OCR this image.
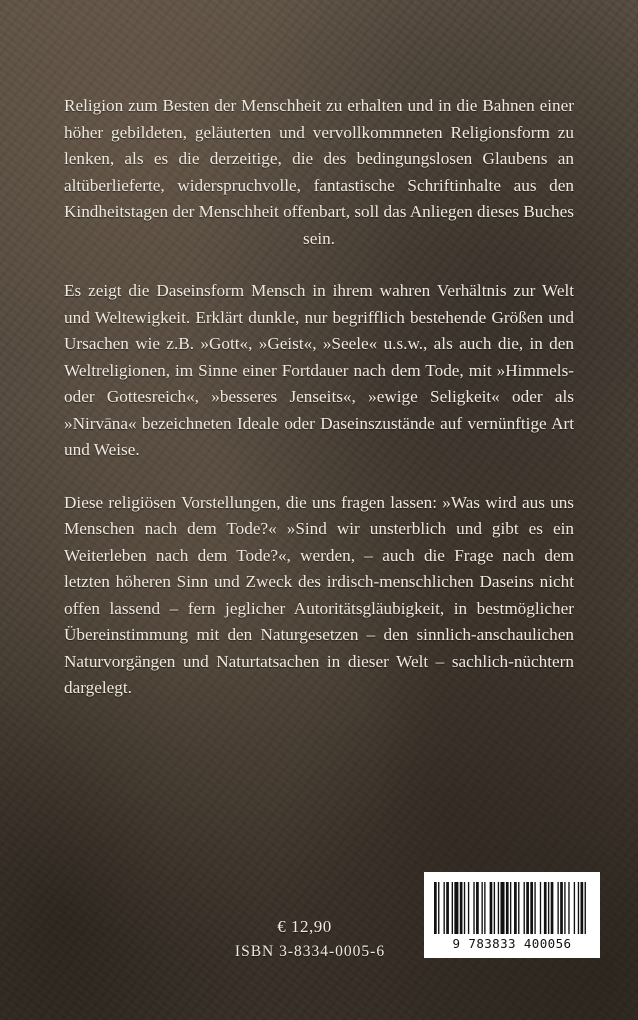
Religion zum Besten der Menschheit zu erhalten und in die Bahnen einer höher gebildeten, geläuterten und vervollkommneten Religionsform zu lenken, als es die derzeitige, die des bedingungslosen Glaubens an altüberlieferte, widerspruchvolle, fantastische Schriftinhalte aus den Kindheitstagen der Menschheit offenbart, soll das Anliegen dieses Buches
sein.

Es zeigt die Daseinsform Mensch in ihrem wahren Verhältnis zur Welt und Weltewigkeit. Erklärt dunkle, nur begrifflich bestehende Größen und Ursachen wie z.B. »Gott«, »Geist«, »Seele« u.s.w., als auch die, in den Weltreligionen, im Sinne einer Fortdauer nach dem Tode, mit »Himmels- oder Gottesreich«, »besseres Jenseits«, »ewige Seligkeit« oder als »Nirvāna« bezeichneten Ideale oder Daseinszustände auf vernünftige Art und Weise.

Diese religiösen Vorstellungen, die uns fragen lassen: »Was wird aus uns Menschen nach dem Tode?« »Sind wir unsterblich und gibt es ein Weiterleben nach dem Tode?«, werden, – auch die Frage nach dem letzten höheren Sinn und Zweck des irdisch-menschlichen Daseins nicht offen lassend – fern jeglicher Autoritätsgläubigkeit, in bestmöglicher Übereinstimmung mit den Naturgesetzen – den sinnlich-anschaulichen Naturvorgängen und Naturtatsachen in dieser Welt – sachlich-nüchtern dargelegt.

€ 12,90
ISBN 3-8334-0005-6	9 783833 400056
